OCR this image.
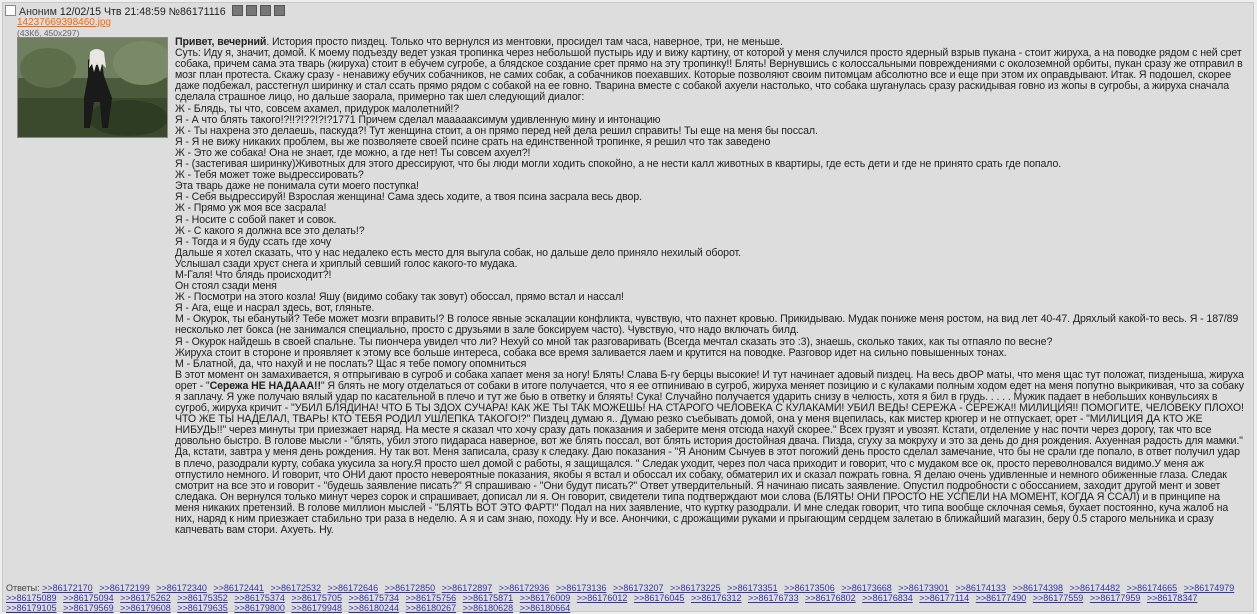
Аноним 12/02/15 Чтв 21:48:59 №86171116
14237669398460.jpg
(43Кб, 450x297)

Привет, вечерний. История просто пиздец. Только что вернулся из ментовки, просидел там часа, наверное, три, не меньше.

Суть: Иду я, значит, домой. К моему подъезду ведет узкая тропинка через небольшой пустырь иду и вижу картину, от которой у меня случился просто ядерный взрыв пукана - стоит жируха, а на поводке рядом с ней срет собака, причем сама эта тварь (жируха) стоит в ебучем сугробе, а блядское создание срет прямо на эту тропинку!! Блять! Вернувшись с колоссальными повреждениями с околоземной орбиты, пукан сразу же отправил в мозг план протеста. Скажу сразу - ненавижу ебучих собачников, не самих собак, а собачников поехавших. Которые позволяют своим питомцам абсолютно все и еще при этом их оправдывают. Итак. Я подошел, скорее даже подбежал, расстегнул ширинку и стал ссать прямо рядом с собакой на ее говно. Тварина вместе с собакой ахуели настолько, что собака шуганулась сразу раскидывая говно из жопы в сугробы, а жируха сначала сделала страшное лицо, но дальше заорала, примерно так шел следующий диалог:

Ж - Блядь, ты что, совсем ахамел, придурок малолетний!?

Я - А что блять такого!?!!?!??!?!?1771 Причем сделал маааааксимум удивленную мину и интонацию

Ж - Ты нахрена это делаешь, паскуда?! Тут женщина стоит, а он прямо перед ней дела решил справить! Ты еще на меня бы поссал.

Я - Я не вижу никаких проблем, вы же позволяете своей псине срать на единственной тропинке, я решил что так заведено

Ж - Это же собака! Она не знает, где можно, а где нет! Ты совсем ахуел?!

Я - (застегивая ширинку)Животных для этого дрессируют, что бы люди могли ходить спокойно, а не нести калл животных в квартиры, где есть дети и где не принято срать где попало.

Ж - Тебя может тоже выдрессировать?

Эта тварь даже не понимала сути моего поступка!

Я - Себя выдрессируй! Взрослая женщина! Сама здесь ходите, а твоя псина засрала весь двор.

Ж - Прямо уж моя все засрала!

Я - Носите с собой пакет и совок.

Ж - С какого я должна все это делать!?

Я - Тогда и я буду ссать где хочу

Дальше я хотел сказать, что у нас недалеко есть место для выгула собак, но дальше дело приняло нехилый оборот.

Услышал сзади хруст снега и хриплый севший голос какого-то мудака.

М-Галя! Что блядь происходит?!

Он стоял сзади меня

Ж - Посмотри на этого козла! Яшу (видимо собаку так зовут) обоссал, прямо встал и нассал!

Я - Ага, еще и насрал здесь, вот, гляньте.

М - Окурок, ты ебанутый? Тебе может мозги вправить!? В голосе явные эскалации конфликта, чувствую, что пахнет кровью. Прикидываю. Мудак пониже меня ростом, на вид лет 40-47. Дряхлый какой-то весь. Я - 187/89 несколько лет бокса (не занимался специально, просто с друзьями в зале боксируем часто). Чувствую, что надо включать билд.

Я - Окурок найдешь в своей спальне. Ты пиончера увидел что ли? Нехуй со мной так разговаривать (Всегда мечтал сказать это :3), знаешь, сколько таких, как ты отпаяло по весне?

Жируха стоит в стороне и проявляет к этому все больше интереса, собака все время заливается лаем и крутится на поводке. Разговор идет на сильно повышенных тонах.

М - Блатной, да, что нахуй и не послать? Щас я тебе помогу опомниться

В этот момент он замахивается, я отпрыгиваю в сугроб и собака хапает меня за ногу! Блять! Слава Б-гу берцы высокие! И тут начинает адовый пиздец. На весь двОР маты, что меня щас тут положат, пизденыша, жируха орет - "Сережа НЕ НАДААА!!" Я блять не могу отделаться от собаки в итоге получается, что я ее отпиниваю в сугроб, жируха меняет позицию и с кулаками полным ходом едет на меня попутно выкрикивая, что за собаку я заплачу. Я уже получаю вялый удар по касательной в плечо и тут же бью в ответку и бляять! Сука! Случайно получается ударить снизу в челюсть, хотя я бил в грудь. . . . . Мужик падает в небольших конвульсиях в сугроб, жируха кричит - "УБИЛ БЛЯДИНА! ЧТО Б ТЫ ЗДОХ СУЧАРА! КАК ЖЕ ТЫ ТАК МОЖЕШЬ! НА СТАРОГО ЧЕЛОВЕКА С КУЛАКАМИ! УБИЛ ВЕДЬ! СЕРЕЖА - СЕРЕЖА!! МИЛИЦИЯ!! ПОМОГИТЕ, ЧЕЛОВЕКУ ПЛОХО! ЧТО ЖЕ ТЫ НАДЕЛАЛ, ТВАРЬ! КТО ТЕБЯ РОДИЛ УШЛЕПКА ТАКОГО!?" Пиздец думаю я.. Думаю резко съебывать домой, она у меня вцепилась, как мистер крюгер и не отпускает, орет - "МИЛИЦИЯ ДА КТО ЖЕ НИБУДЬ!!" через минуты три приезжает наряд. На месте я сказал что хочу сразу дать показания и заберите меня отсюда нахуй скорее." Всех грузят и увозят. Кстати, отделение у нас почти через дорогу, так что все довольно быстро. В голове мысли - "блять, убил этого пидараса наверное, вот же блять поссал, вот блять история достойная двача. Пизда, сгуху за мокруху и это за день до дня рождения. Ахуенная радость для мамки." Да, кстати, завтра у меня день рождения. Ну так вот. Меня записала, сразу к следаку. Даю показания - "Я Аноним Сычуев в этот погожий день просто сделал замечание, что бы не срали где попало, в ответ получил удар в плечо, разодрали курту, собака укусила за ногу.Я просто шел домой с работы, я защищался. " Следак уходит, через пол часа приходит и говорит, что с мудаком все ок, просто переволновался видимо.У меня аж отпустило немного. И говорит, что ОНИ дают просто невероятные показания, якобы я встал и обоссал их собаку, обматерил их и сказал пожрать говна. Я делаю очень удивленные и немного обиженные глаза. Следак смотрит на все это и говорит - "будешь заявление писать?" Я спрашиваю - "Они будут писать?" Ответ утвердительный. Я начинаю писать заявление. Опустил подробности с обоссанием, заходит другой мент и зовет следака. Он вернулся только минут через сорок и спрашивает, дописал ли я. Он говорит, свидетели типа подтверждают мои слова (БЛЯТЬ! ОНИ ПРОСТО НЕ УСПЕЛИ НА МОМЕНТ, КОГДА Я ССАЛ) и в принципе на меня никаких претензий. В голове миллион мыслей - "БЛЯТЬ ВОТ ЭТО ФАРТ!" Подал на них заявление, что куртку разодрали. И мне следак говорит, что типа вообще склочная семья, бухает постоянно, куча жалоб на них, наряд к ним приезжает стабильно три раза в неделю. А я и сам знаю, походу. Ну и все. Анончики, с дрожащими руками и прыгающим сердцем залетаю в ближайший магазин, беру 0.5 старого мельника и сразу капчевать вам стори. Ахуеть. Ну.

Ответы: >>86172170 >>86172199 >>86172340 >>86172441 >>86172532 >>86172646 >>86172850 >>86172897 >>86172936 >>86173136 >>86173207 >>86173225 >>86173351 >>86173506 >>86173668 >>86173901 >>86174133 >>86174398 >>86174482 >>86174665 >>86174979 >>86175089 >>86175094 >>86175262 >>86175352 >>86175374 >>86175705 >>86175734 >>86175756 >>86175871 >>86176009 >>86176012 >>86176045 >>86176312 >>86176733 >>86176802 >>86176834 >>86177114 >>86177490 >>86177559 >>86177959 >>86178347 >>86179105 >>86179569 >>86179608 >>86179635 >>86179800 >>86179948 >>86180244 >>86180267 >>86180628 >>86180664
